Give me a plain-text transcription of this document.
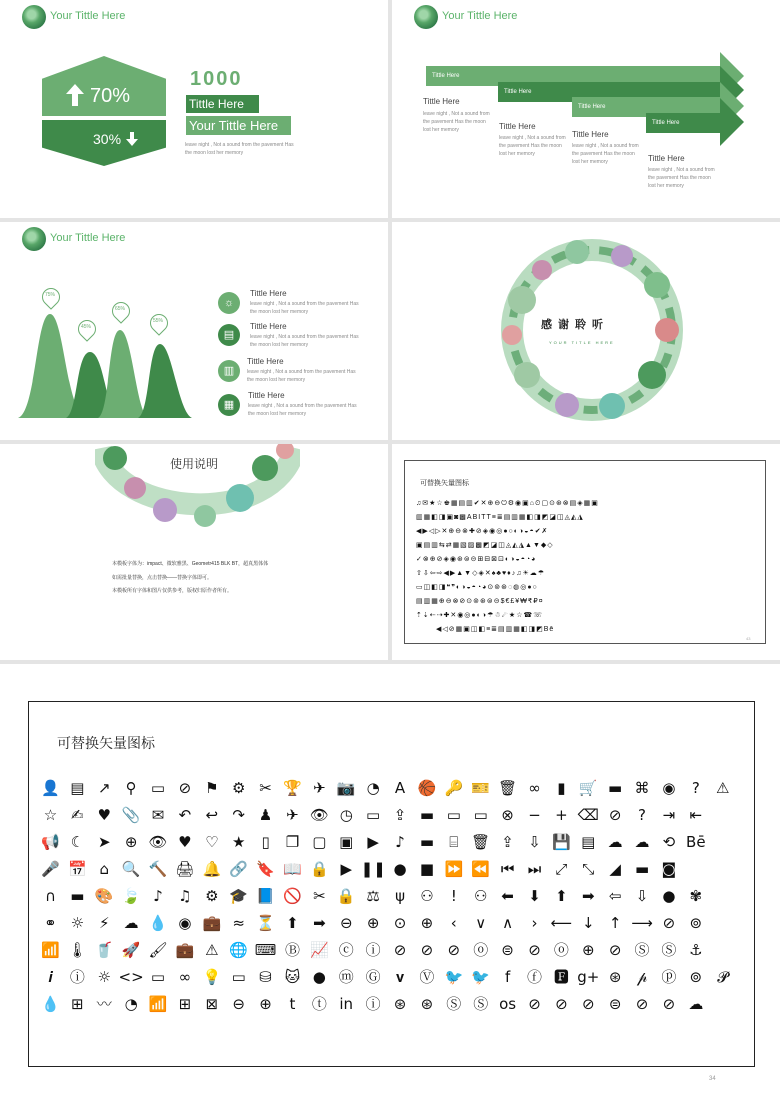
Your Tittle Here
70%
30%
1000
Tittle Here
Your Tittle Here
leave night , Not a sound from the pavement Has the moon lost her memory
Your Tittle Here
Tittle Here
Tittle Here
Tittle Here
Tittle Here
Tittle Here
leave night , Not a sound from the pavement Has the moon lost her memory	Tittle Here
leave night , Not a sound from the pavement Has the moon lost her memory
Tittle Here
leave night , Not a sound from the pavement Has the moon lost her memory	Tittle Here
leave night , Not a sound from the pavement Has the moon lost her memory
Your Tittle Here
75%
45%
65%
55%
☼
Tittle Here
leave night , Not a sound from the pavement Has the moon lost her memory
▤
Tittle Here
leave night , Not a sound from the pavement Has the moon lost her memory
▥
Tittle Here
leave night , Not a sound from the pavement Has the moon lost her memory
▦
Tittle Here
leave night , Not a sound from the pavement Has the moon lost her memory
感谢聆听
YOUR TITLE HERE
使用说明
本模板字体为：impact、微软雅黑、Geometr415 BLK BT，超真黑体体
如需批量替换，点击替换——替换字体即可。
本模板所有字体和图片仅供参考，版权归原作者所有。
可替换矢量图标
♫✉★☆♚▦▤▥✔✕⊕⊖⏻⚙◉▣⌂⏲▢⊙⊛⊗▤◈▦▣
▥▦◧◨▣◙▩ABITT≡≣▤▥▦◧◨◩◪◫◬◭◮
◀▶◁▷✕⊕⊖⊗✚⊘◈◉◎●○◐◑◒◓✔✗
▣▤▥⇆⇄▦▧▨▩◩◪◫◬◭◮▲▼◆◇
✓⊗⊕⊘◈◉⊛⊜⊝⊞⊟⊠⊡◐◑◒◓◔◕
⇧⇩⇦⇨◀▶▲▼◇◈✕♠♣♥♦♪♫☀☁☂
▭◫◧◨❝❞◐◑◒◓◔◕⊙⊚⊛◌◍◎●○
▤▥▦⊕⊖⊗⊘⊙⊚⊛⊜⊝$€£¥₩₹₽¤
⇡⇣⇠⇢✚✕◉◎●◐◑☂☃☄★☆☎☏
◀◁⊘▦▣◫◧≡≣▤▥▦◧◨◩Bē
43
可替换矢量图标
👤 ▤ ↗	⚲ ▭ ⊘ ⚑ ⚙ ✂ 🏆 ✈ 📷 ◔	A 🏀 🔑 🎫 🗑 ∞	▮ 🛒 ▬ ⌘ ◉	?	⚠
☆ ✍ ♥ 📎 ✉ ↶ ↩ ↷ ♟ ✈ 👁 ◷ ▭ ⇪ ▬ ▭ ▭ ⊗ − + ⌫ ⊘	?	⇥ ⇤
📢 ☾ ➤ ⊕ 👁 ♥ ♡ ★	▯	❐ ▢ ▣ ▶	♪	▬	⌸ 🗑 ⇪ ⇩ 💾 ▤ ☁ ☁ ⟲ Bē
🎤 📅 ⌂ 🔍 🔨 🖨 🔔 🔗 🔖 📖 🔒 ▶ ❚❚ ● ■ ⏩ ⏪ ⏮ ⏭ ⤢ ⤡	◢ ▬ ◙
∩ ▬ 🎨 🍃 ♪	♫ ⚙ 🎓 📘 🚫 ✂ 🔒 ⚖	ψ	⚇	ǃ	⚇ ⬅ ⬇ ⬆ ➡ ⇦ ⇩ ● ✾
⚭ ☼ ⚡ ☁ 💧 ◉ 💼 ≈ ⏳ ⬆ ➡ ⊖ ⊕ ⊙ ⊕	‹	∨	∧	› ⟵ ↓ ↑ ⟶ ⊘ ⊚
📶 🌡 🥤 🚀 🖌 💼 ⚠ 🌐 ⌨ Ⓑ 📈 ⓒ ⓘ ⊘ ⊘ ⊘ ⓞ ⊜ ⊘ ⓞ ⊕ ⊘ Ⓢ Ⓢ ⚓
𝒊	ⓘ ☼ <> ▭ ∞ 💡 ▭ ⛁ 🐱 ● ⓜ Ⓖ	𝐯	Ⓥ 🐦 🐦 f	ⓕ 🅵 g+ ⊛	𝓅 ⓟ ⊚	𝓟
💧 ⊞ 〰 ◔ 📶 ⊞ ⊠ ⊖ ⊕	t	ⓣ in ⓘ ⊛ ⊛ Ⓢ Ⓢ ᴏs ⊘ ⊘ ⊘ ⊜ ⊘ ⊘ ☁
34
